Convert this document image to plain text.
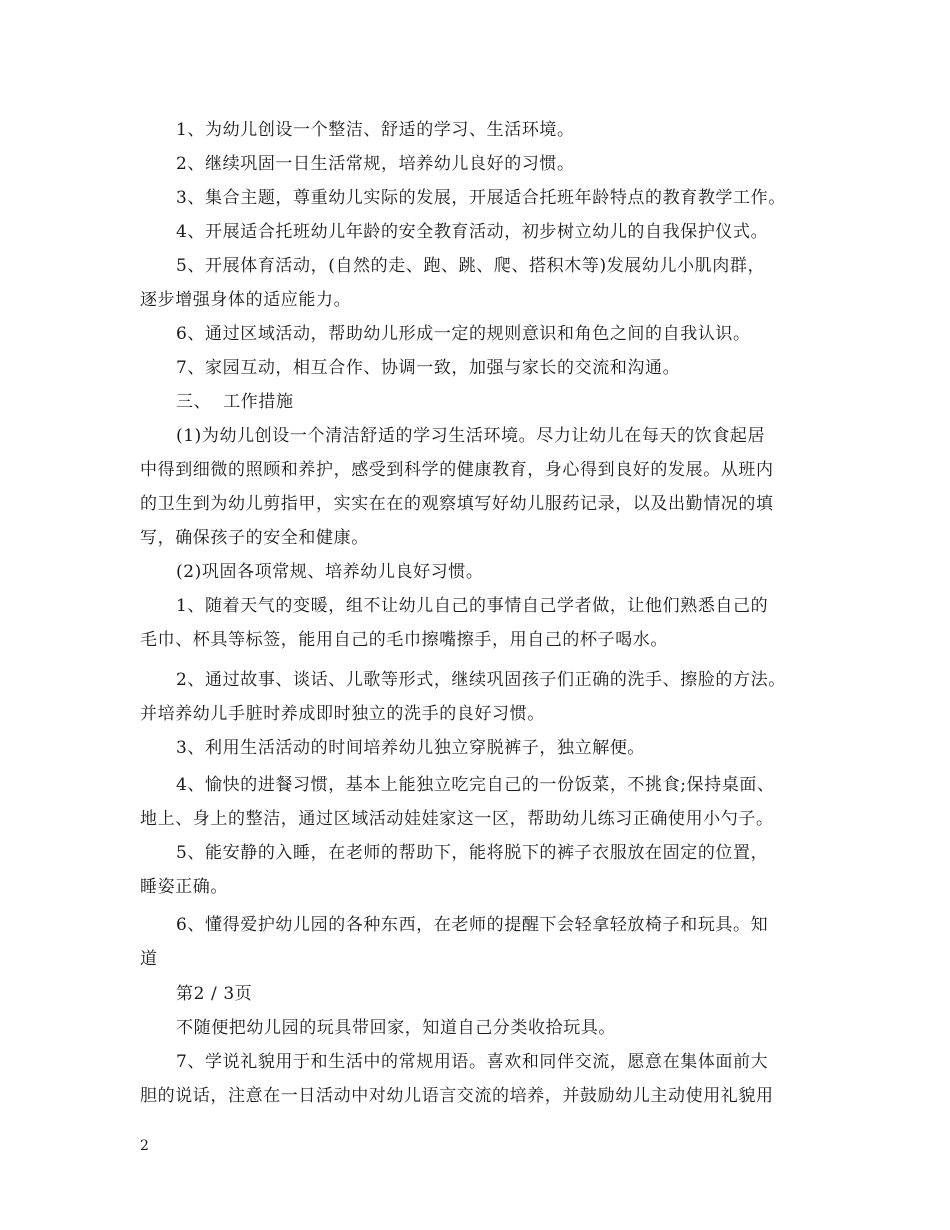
1、为幼儿创设一个整洁、舒适的学习、生活环境。
2、继续巩固一日生活常规，培养幼儿良好的习惯。
3、集合主题，尊重幼儿实际的发展，开展适合托班年龄特点的教育教学工作。
4、开展适合托班幼儿年龄的安全教育活动，初步树立幼儿的自我保护仪式。
5、开展体育活动，(自然的走、跑、跳、爬、搭积木等)发展幼儿小肌肉群，
逐步增强身体的适应能力。
6、通过区域活动，帮助幼儿形成一定的规则意识和角色之间的自我认识。
7、家园互动，相互合作、协调一致，加强与家长的交流和沟通。
三、  工作措施
(1)为幼儿创设一个清洁舒适的学习生活环境。尽力让幼儿在每天的饮食起居
中得到细微的照顾和养护，感受到科学的健康教育，身心得到良好的发展。从班内
的卫生到为幼儿剪指甲，实实在在的观察填写好幼儿服药记录，以及出勤情况的填
写，确保孩子的安全和健康。
(2)巩固各项常规、培养幼儿良好习惯。
1、随着天气的变暖，组不让幼儿自己的事情自己学者做，让他们熟悉自己的
毛巾、杯具等标签，能用自己的毛巾擦嘴擦手，用自己的杯子喝水。
2、通过故事、谈话、儿歌等形式，继续巩固孩子们正确的洗手、擦脸的方法。
并培养幼儿手脏时养成即时独立的洗手的良好习惯。
3、利用生活活动的时间培养幼儿独立穿脱裤子，独立解便。
4、愉快的进餐习惯，基本上能独立吃完自己的一份饭菜，不挑食;保持桌面、
地上、身上的整洁，通过区域活动娃娃家这一区，帮助幼儿练习正确使用小勺子。
5、能安静的入睡，在老师的帮助下，能将脱下的裤子衣服放在固定的位置，
睡姿正确。
6、懂得爱护幼儿园的各种东西，在老师的提醒下会轻拿轻放椅子和玩具。知
道
第2 / 3页
不随便把幼儿园的玩具带回家，知道自己分类收拾玩具。
7、学说礼貌用于和生活中的常规用语。喜欢和同伴交流，愿意在集体面前大
胆的说话，注意在一日活动中对幼儿语言交流的培养，并鼓励幼儿主动使用礼貌用
2
